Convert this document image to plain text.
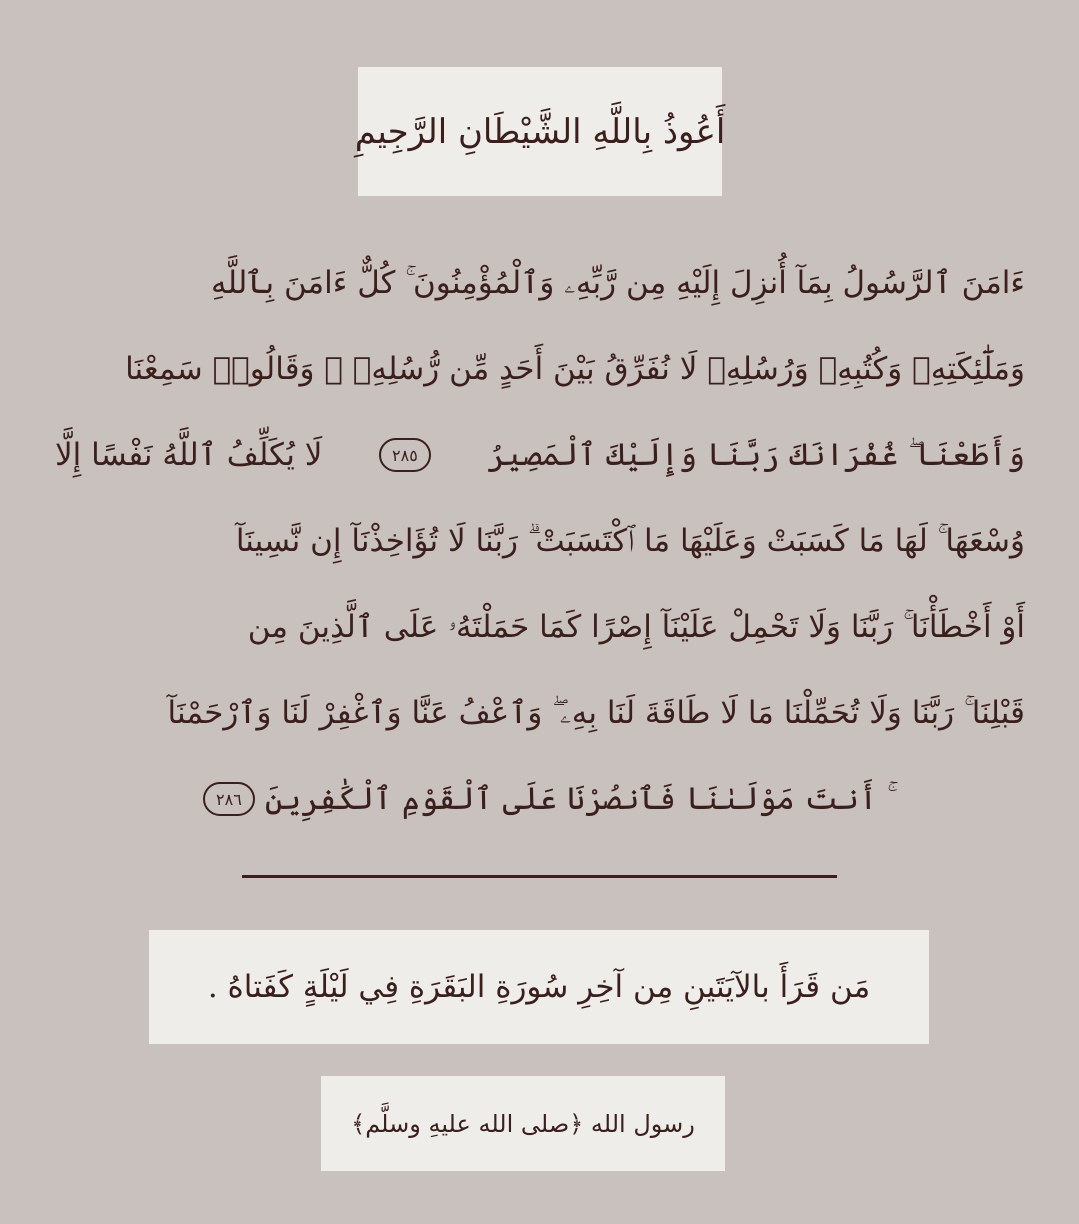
أَعُوذُ بِاللَّهِ الشَّيْطَانِ الرَّجِيمِ
ءَامَنَ ٱلرَّسُولُ بِمَآ أُنزِلَ إِلَيْهِ مِن رَّبِّهِۦ وَٱلْمُؤْمِنُونَ ۚ كُلٌّ ءَامَنَ بِٱللَّهِ
وَمَلَٰٓئِكَتِهِۦ وَكُتُبِهِۦ وَرُسُلِهِۦ لَا نُفَرِّقُ بَيْنَ أَحَدٍ مِّن رُّسُلِهِۦ ۚ وَقَالُوا۟ سَمِعْنَا
وَأَطَعْنَا ۖ غُفْرَانَكَ رَبَّنَا وَإِلَيْكَ ٱلْمَصِيرُ
٢٨٥
لَا يُكَلِّفُ ٱللَّهُ نَفْسًا إِلَّا
وُسْعَهَا ۚ لَهَا مَا كَسَبَتْ وَعَلَيْهَا مَا ٱكْتَسَبَتْ ۗ رَبَّنَا لَا تُؤَاخِذْنَآ إِن نَّسِينَآ
أَوْ أَخْطَأْنَا ۚ رَبَّنَا وَلَا تَحْمِلْ عَلَيْنَآ إِصْرًا كَمَا حَمَلْتَهُۥ عَلَى ٱلَّذِينَ مِن
قَبْلِنَا ۚ رَبَّنَا وَلَا تُحَمِّلْنَا مَا لَا طَاقَةَ لَنَا بِهِۦ ۖ وَٱعْفُ عَنَّا وَٱغْفِرْ لَنَا وَٱرْحَمْنَآ
ۚ أَنتَ مَوْلَىٰنَا فَٱنصُرْنَا عَلَى ٱلْقَوْمِ ٱلْكَٰفِرِينَ
٢٨٦
مَن قَرَأَ بالآيَتَينِ مِن آخِرِ سُورَةِ البَقَرَةِ فِي لَيْلَةٍ كَفَتاهُ .
رسول الله ﴿صلى الله عليهِ وسلَّم﴾
